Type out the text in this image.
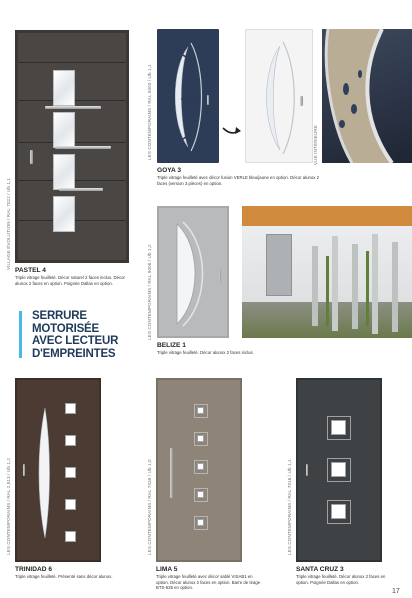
VILLAGE ÉVOLUTION / RAL 7022 / Ub 1,1
PASTEL 4
Triple vitrage feuilleté. Décor naturel 2 faces inclus. Décor alunox 2 faces en option. Poignée Dallas en option.
LES CONTEMPORAINS / RAL 5003 / Ub 1,1	VUE INTÉRIEURE
GOYA 3
Triple vitrage feuilleté avec décor fusion VERLE bleu/jaune en option. Décor alunox 2 faces (version 3 pièces) en option.
SERRURE
MOTORISÉE
AVEC LECTEUR
D'EMPREINTES
LES CONTEMPORAINS / RAL 9006 / Ub 1,2
BELIZE 1
Triple vitrage feuilleté. Décor alunox 2 faces inclus.
LES CONTEMPORAINS / RAL 2,813 / Ub 1,2
TRINIDAD 6
Triple vitrage feuilleté. Présenté sans décor alunox.
LES CONTEMPORAINS / RAL 7039 / Ub 1,0
LIMA 5
Triple vitrage feuilleté avec décor sablé VISAB1 en option. Décor alunox 2 faces en option. Barre de tirage BTS-635 en option.
LES CONTEMPORAINS / RAL 7016 / Ub 1,1
SANTA CRUZ 3
Triple vitrage feuilleté. Décor alunox 2 faces en option. Poignée Dallas en option.
17
